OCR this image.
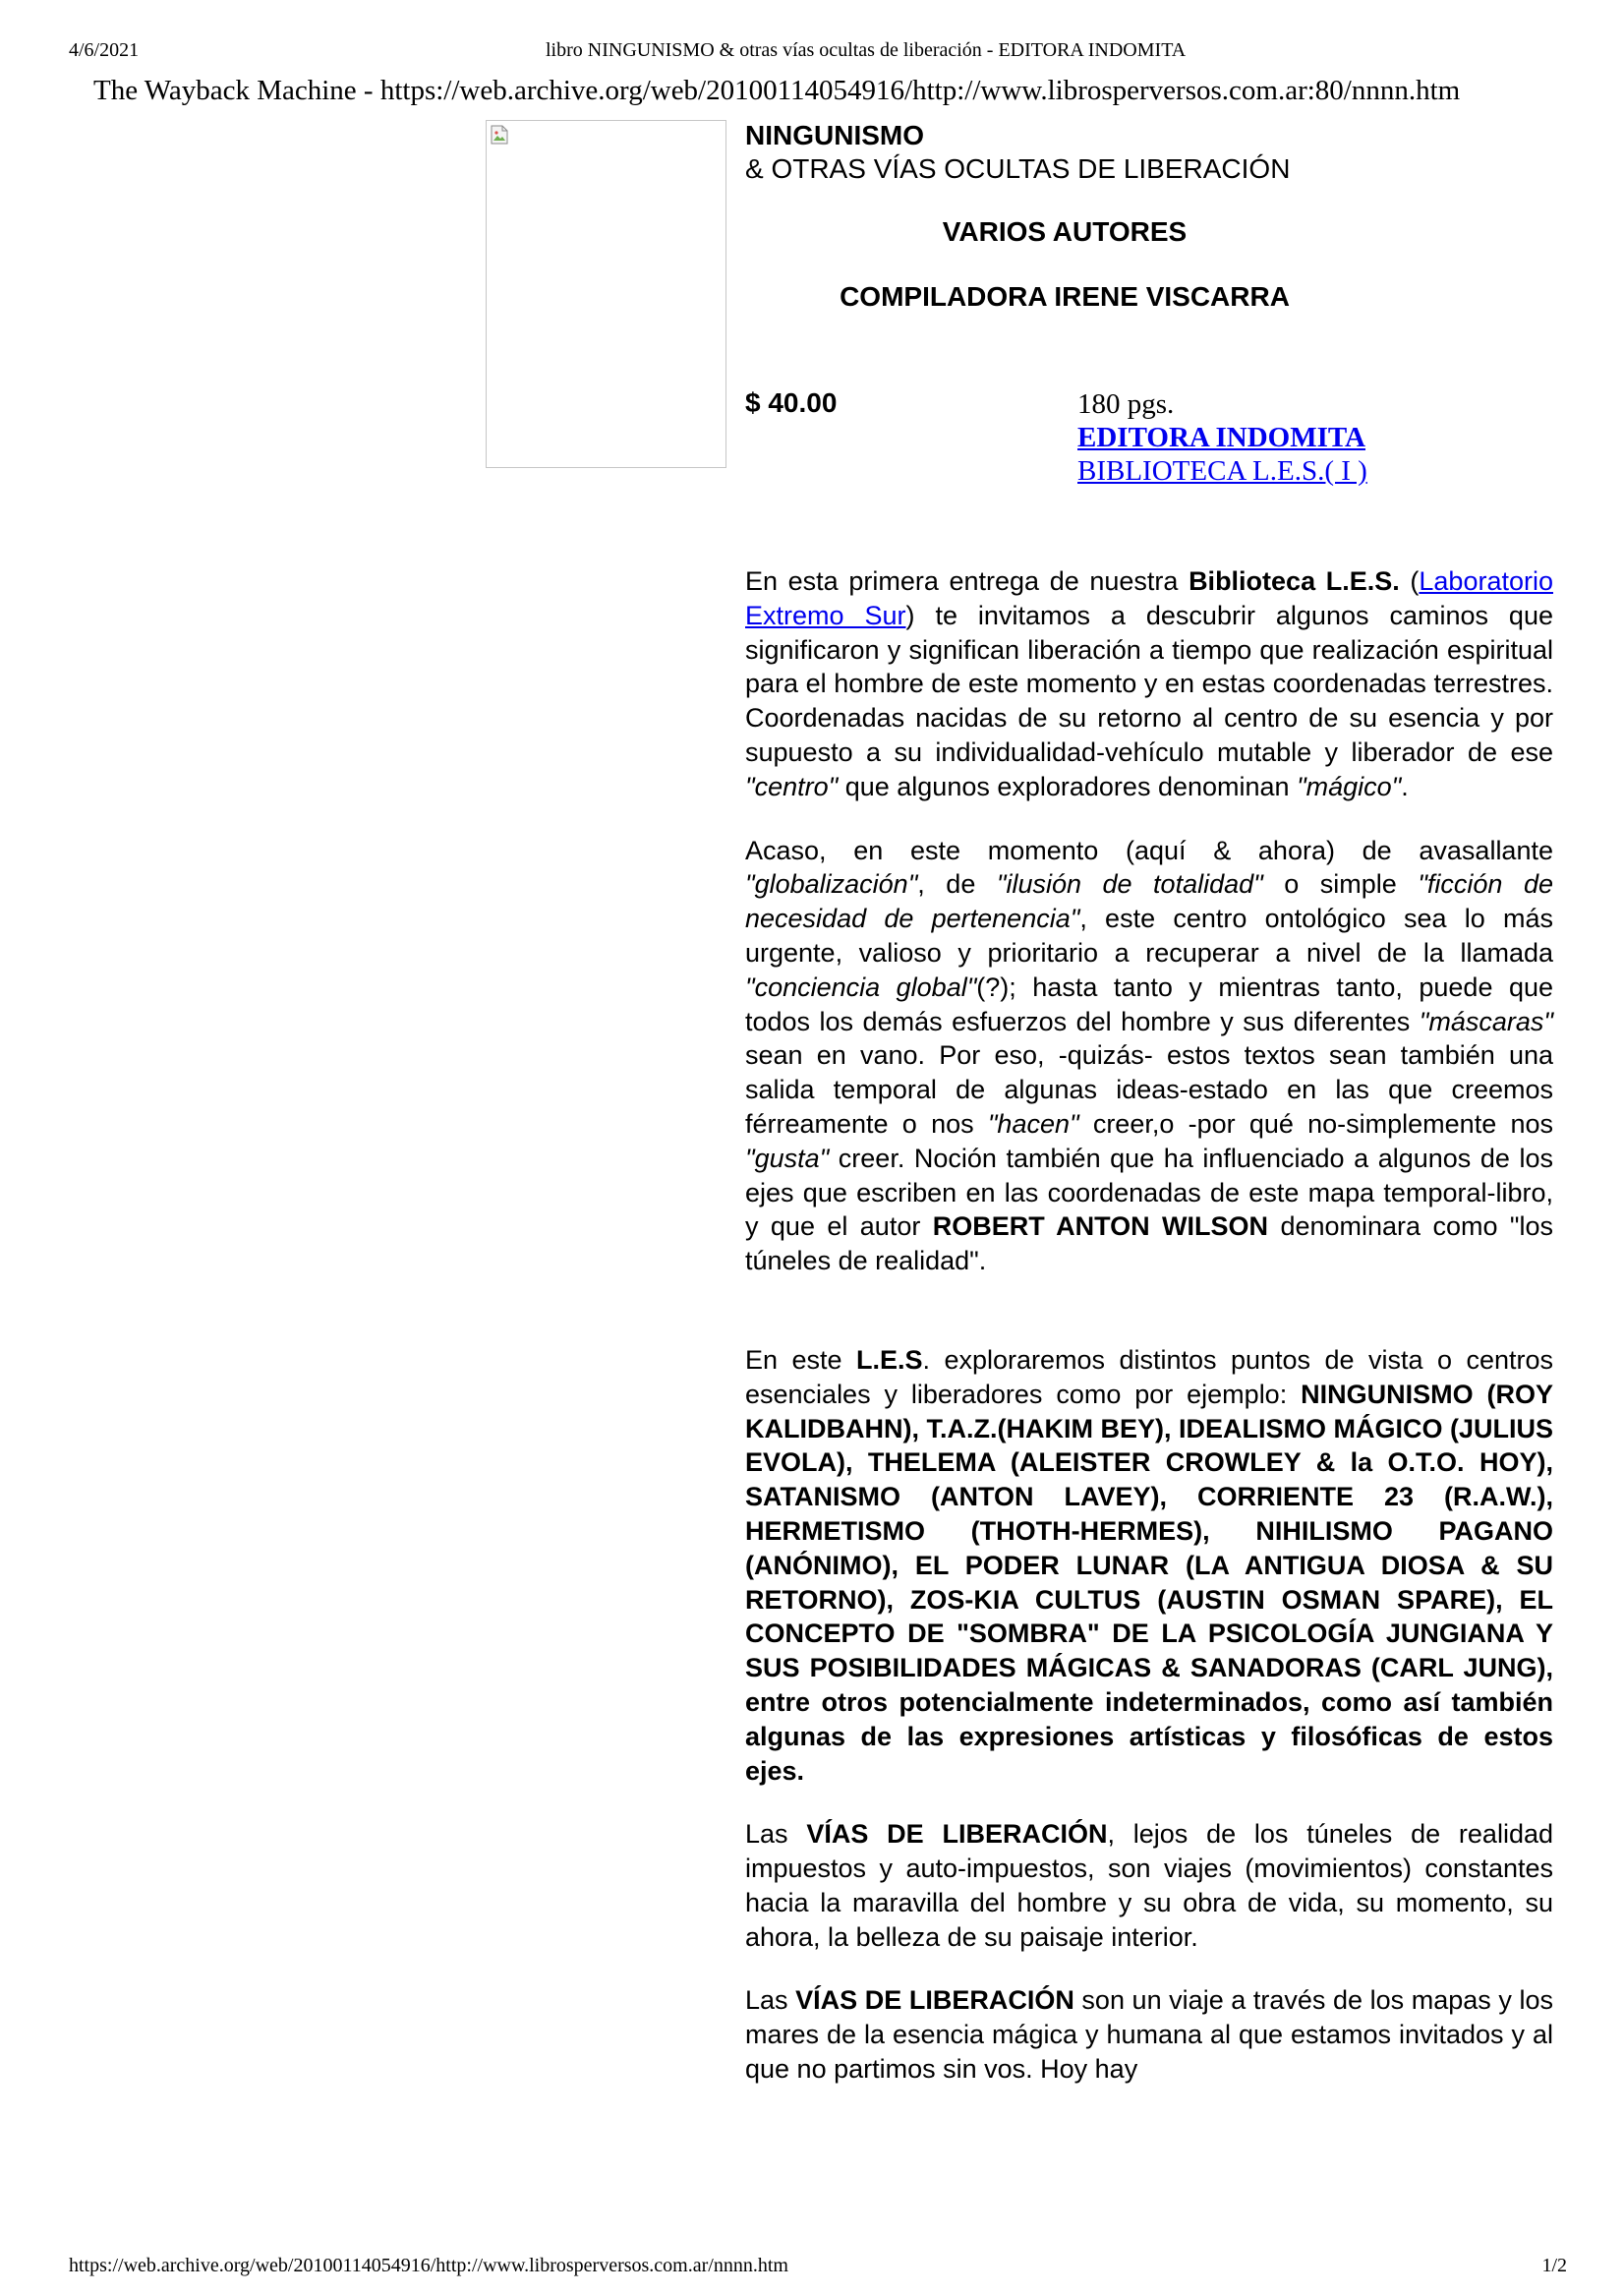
4/6/2021	libro NINGUNISMO & otras vías ocultas de liberación - EDITORA INDOMITA
The Wayback Machine - https://web.archive.org/web/20100114054916/http://www.librosperversos.com.ar:80/nnnn.htm
NINGUNISMO
& OTRAS VÍAS OCULTAS DE LIBERACIÓN
VARIOS AUTORES
COMPILADORA IRENE VISCARRA
$ 40.00	180 pgs.
EDITORA INDOMITA
BIBLIOTECA L.E.S.( I )

En esta primera entrega de nuestra Biblioteca L.E.S. (Laboratorio Extremo Sur) te invitamos a descubrir algunos caminos que significaron y significan liberación a tiempo que realización espiritual para el hombre de este momento y en estas coordenadas terrestres. Coordenadas nacidas de su retorno al centro de su esencia y por supuesto a su individualidad-vehículo mutable y liberador de ese "centro" que algunos exploradores denominan "mágico".

Acaso, en este momento (aquí & ahora) de avasallante "globalización", de "ilusión de totalidad" o simple "ficción de necesidad de pertenencia", este centro ontológico sea lo más urgente, valioso y prioritario a recuperar a nivel de la llamada "conciencia global"(?); hasta tanto y mientras tanto, puede que todos los demás esfuerzos del hombre y sus diferentes "máscaras" sean en vano. Por eso, -quizás- estos textos sean también una salida temporal de algunas ideas-estado en las que creemos férreamente o nos "hacen" creer,o -por qué no-simplemente nos "gusta" creer. Noción también que ha influenciado a algunos de los ejes que escriben en las coordenadas de este mapa temporal-libro, y que el autor ROBERT ANTON WILSON denominara como "los túneles de realidad".

En este L.E.S. exploraremos distintos puntos de vista o centros esenciales y liberadores como por ejemplo: NINGUNISMO (ROY KALIDBAHN), T.A.Z.(HAKIM BEY), IDEALISMO MÁGICO (JULIUS EVOLA), THELEMA (ALEISTER CROWLEY & la O.T.O. HOY), SATANISMO (ANTON LAVEY), CORRIENTE 23 (R.A.W.), HERMETISMO (THOTH-HERMES), NIHILISMO PAGANO (ANÓNIMO), EL PODER LUNAR (LA ANTIGUA DIOSA & SU RETORNO), ZOS-KIA CULTUS (AUSTIN OSMAN SPARE), EL CONCEPTO DE "SOMBRA" DE LA PSICOLOGÍA JUNGIANA Y SUS POSIBILIDADES MÁGICAS & SANADORAS (CARL JUNG), entre otros potencialmente indeterminados, como así también algunas de las expresiones artísticas y filosóficas de estos ejes.

Las VÍAS DE LIBERACIÓN, lejos de los túneles de realidad impuestos y auto-impuestos, son viajes (movimientos) constantes hacia la maravilla del hombre y su obra de vida, su momento, su ahora, la belleza de su paisaje interior.

Las VÍAS DE LIBERACIÓN son un viaje a través de los mapas y los mares de la esencia mágica y humana al que estamos invitados y al que no partimos sin vos. Hoy hay

https://web.archive.org/web/20100114054916/http://www.librosperversos.com.ar/nnnn.htm	1/2
